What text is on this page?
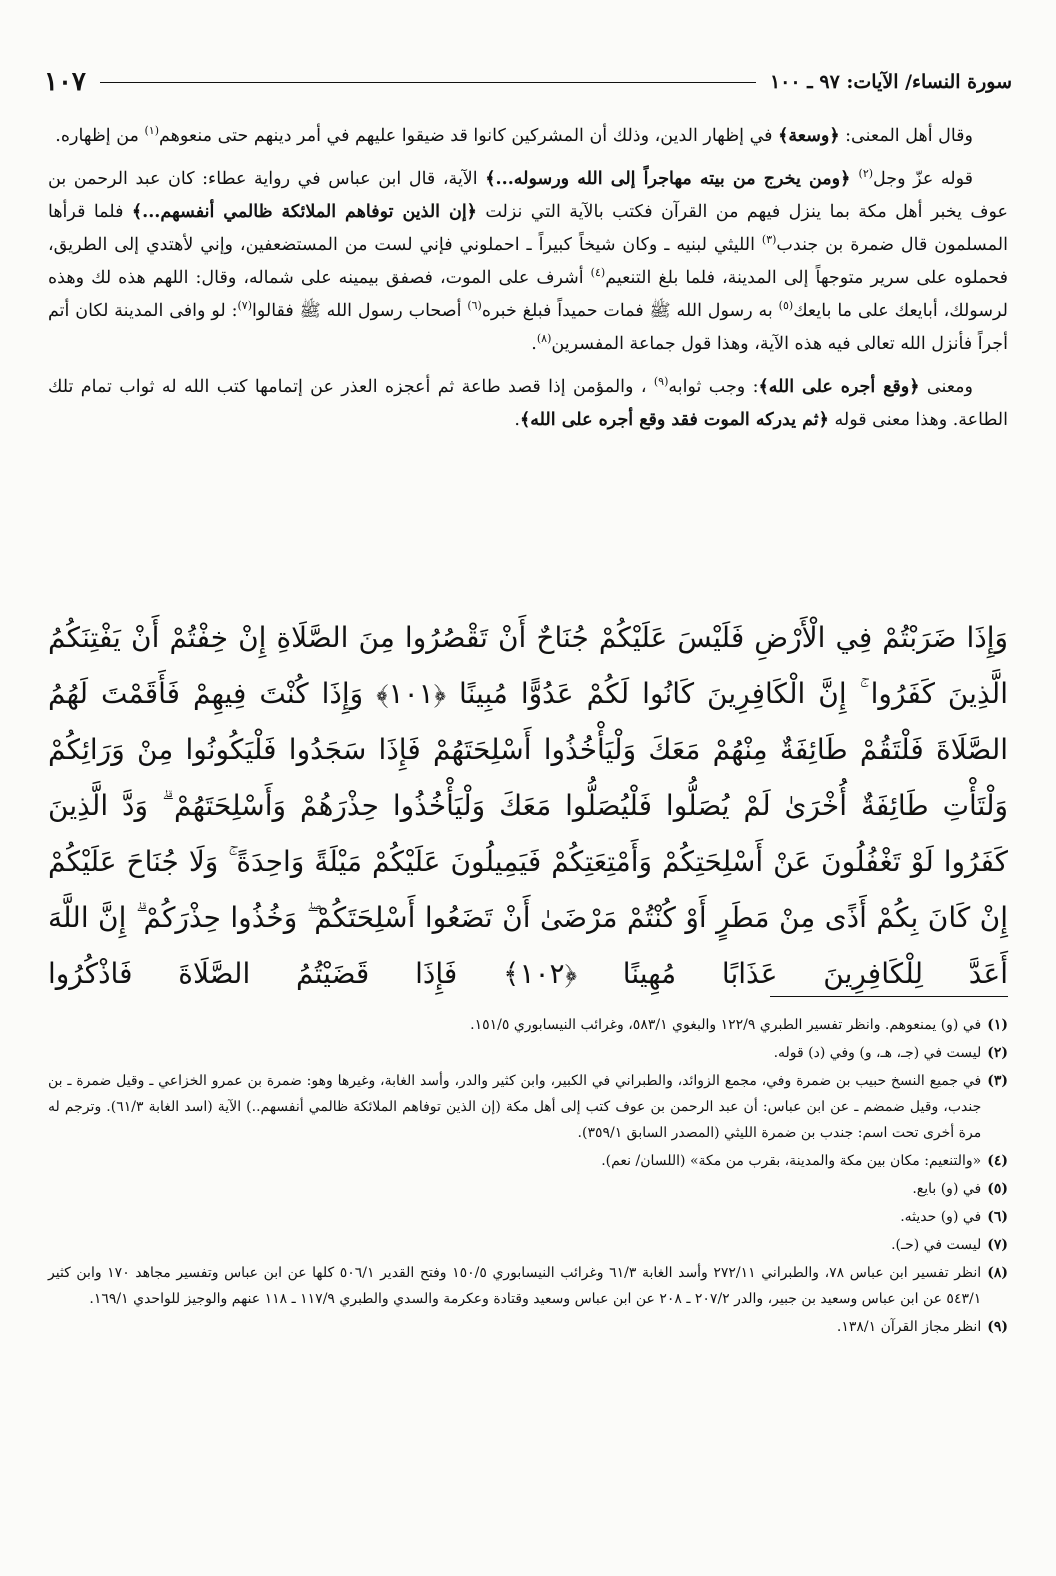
سورة النساء/ الآيات: ٩٧ ـ ١٠٠
١٠٧

وقال أهل المعنى: ﴿وسعة﴾ في إظهار الدين، وذلك أن المشركين كانوا قد ضيقوا عليهم في أمر دينهم حتى منعوهم$^{(١)}$ من إظهاره.

قوله عزّ وجل$^{(٢)}$ ﴿ومن يخرج من بيته مهاجراً إلى الله ورسوله...﴾ الآية، قال ابن عباس في رواية عطاء: كان عبد الرحمن بن عوف يخبر أهل مكة بما ينزل فيهم من القرآن فكتب بالآية التي نزلت ﴿إن الذين توفاهم الملائكة ظالمي أنفسهم...﴾ فلما قرأها المسلمون قال ضمرة بن جندب$^{(٣)}$ الليثي لبنيه ـ وكان شيخاً كبيراً ـ احملوني فإني لست من المستضعفين، وإني لأهتدي إلى الطريق، فحملوه على سرير متوجهاً إلى المدينة، فلما بلغ التنعيم$^{(٤)}$ أشرف على الموت، فصفق بيمينه على شماله، وقال: اللهم هذه لك وهذه لرسولك، أبايعك على ما بايعك$^{(٥)}$ به رسول الله ﷺ فمات حميداً فبلغ خبره$^{(٦)}$ أصحاب رسول الله ﷺ فقالوا$^{(٧)}$: لو وافى المدينة لكان أتم أجراً فأنزل الله تعالى فيه هذه الآية، وهذا قول جماعة المفسرين$^{(٨)}$.

ومعنى ﴿وقع أجره على الله﴾: وجب ثوابه$^{(٩)}$ ، والمؤمن إذا قصد طاعة ثم أعجزه العذر عن إتمامها كتب الله له ثواب تمام تلك الطاعة. وهذا معنى قوله ﴿ثم يدركه الموت فقد وقع أجره على الله﴾.

وَإِذَا ضَرَبْتُمْ فِي الْأَرْضِ فَلَيْسَ عَلَيْكُمْ جُنَاحٌ أَنْ تَقْصُرُوا مِنَ الصَّلَاةِ إِنْ خِفْتُمْ أَنْ يَفْتِنَكُمُ الَّذِينَ كَفَرُوا ۚ إِنَّ الْكَافِرِينَ كَانُوا لَكُمْ عَدُوًّا مُبِينًا ﴿١٠١﴾ وَإِذَا كُنْتَ فِيهِمْ فَأَقَمْتَ لَهُمُ الصَّلَاةَ فَلْتَقُمْ طَائِفَةٌ مِنْهُمْ مَعَكَ وَلْيَأْخُذُوا أَسْلِحَتَهُمْ فَإِذَا سَجَدُوا فَلْيَكُونُوا مِنْ وَرَائِكُمْ وَلْتَأْتِ طَائِفَةٌ أُخْرَىٰ لَمْ يُصَلُّوا فَلْيُصَلُّوا مَعَكَ وَلْيَأْخُذُوا حِذْرَهُمْ وَأَسْلِحَتَهُمْ ۗ وَدَّ الَّذِينَ كَفَرُوا لَوْ تَغْفُلُونَ عَنْ أَسْلِحَتِكُمْ وَأَمْتِعَتِكُمْ فَيَمِيلُونَ عَلَيْكُمْ مَيْلَةً وَاحِدَةً ۚ وَلَا جُنَاحَ عَلَيْكُمْ إِنْ كَانَ بِكُمْ أَذًى مِنْ مَطَرٍ أَوْ كُنْتُمْ مَرْضَىٰ أَنْ تَضَعُوا أَسْلِحَتَكُمْ ۖ وَخُذُوا حِذْرَكُمْ ۗ إِنَّ اللَّهَ أَعَدَّ لِلْكَافِرِينَ عَذَابًا مُهِينًا ﴿١٠٢﴾ فَإِذَا قَضَيْتُمُ الصَّلَاةَ فَاذْكُرُوا
(١)
في (و) يمنعوهم. وانظر تفسير الطبري ١٢٢/٩ والبغوي ٥٨٣/١، وغرائب النيسابوري ١٥١/٥.
(٢)
ليست في (جـ، هـ، و) وفي (د) قوله.
(٣)
في جميع النسخ حبيب بن ضمرة وفي، مجمع الزوائد، والطبراني في الكبير، وابن كثير والدر، وأسد الغابة، وغيرها وهو: ضمرة بن عمرو الخزاعي ـ وقيل ضمرة ـ بن جندب، وقيل ضمضم ـ عن ابن عباس: أن عبد الرحمن بن عوف كتب إلى أهل مكة (إن الذين توفاهم الملائكة ظالمي أنفسهم..) الآية (اسد الغابة ٦١/٣). وترجم له مرة أخرى تحت اسم: جندب بن ضمرة الليثي (المصدر السابق ٣٥٩/١).
(٤)
«والتنعيم: مكان بين مكة والمدينة، بقرب من مكة» (اللسان/ نعم).
(٥)
في (و) بايع.
(٦)
في (و) حديثه.
(٧)
ليست في (حـ).
(٨)
انظر تفسير ابن عباس ٧٨، والطبراني ٢٧٢/١١ وأسد الغابة ٦١/٣ وغرائب النيسابوري ١٥٠/٥ وفتح القدير ٥٠٦/١ كلها عن ابن عباس وتفسير مجاهد ١٧٠ وابن كثير ٥٤٣/١ عن ابن عباس وسعيد بن جبير، والدر ٢٠٧/٢ ـ ٢٠٨ عن ابن عباس وسعيد وقتادة وعكرمة والسدي والطبري ١١٧/٩ ـ ١١٨ عنهم والوجيز للواحدي ١٦٩/١.
(٩)
انظر مجاز القرآن ١٣٨/١.
